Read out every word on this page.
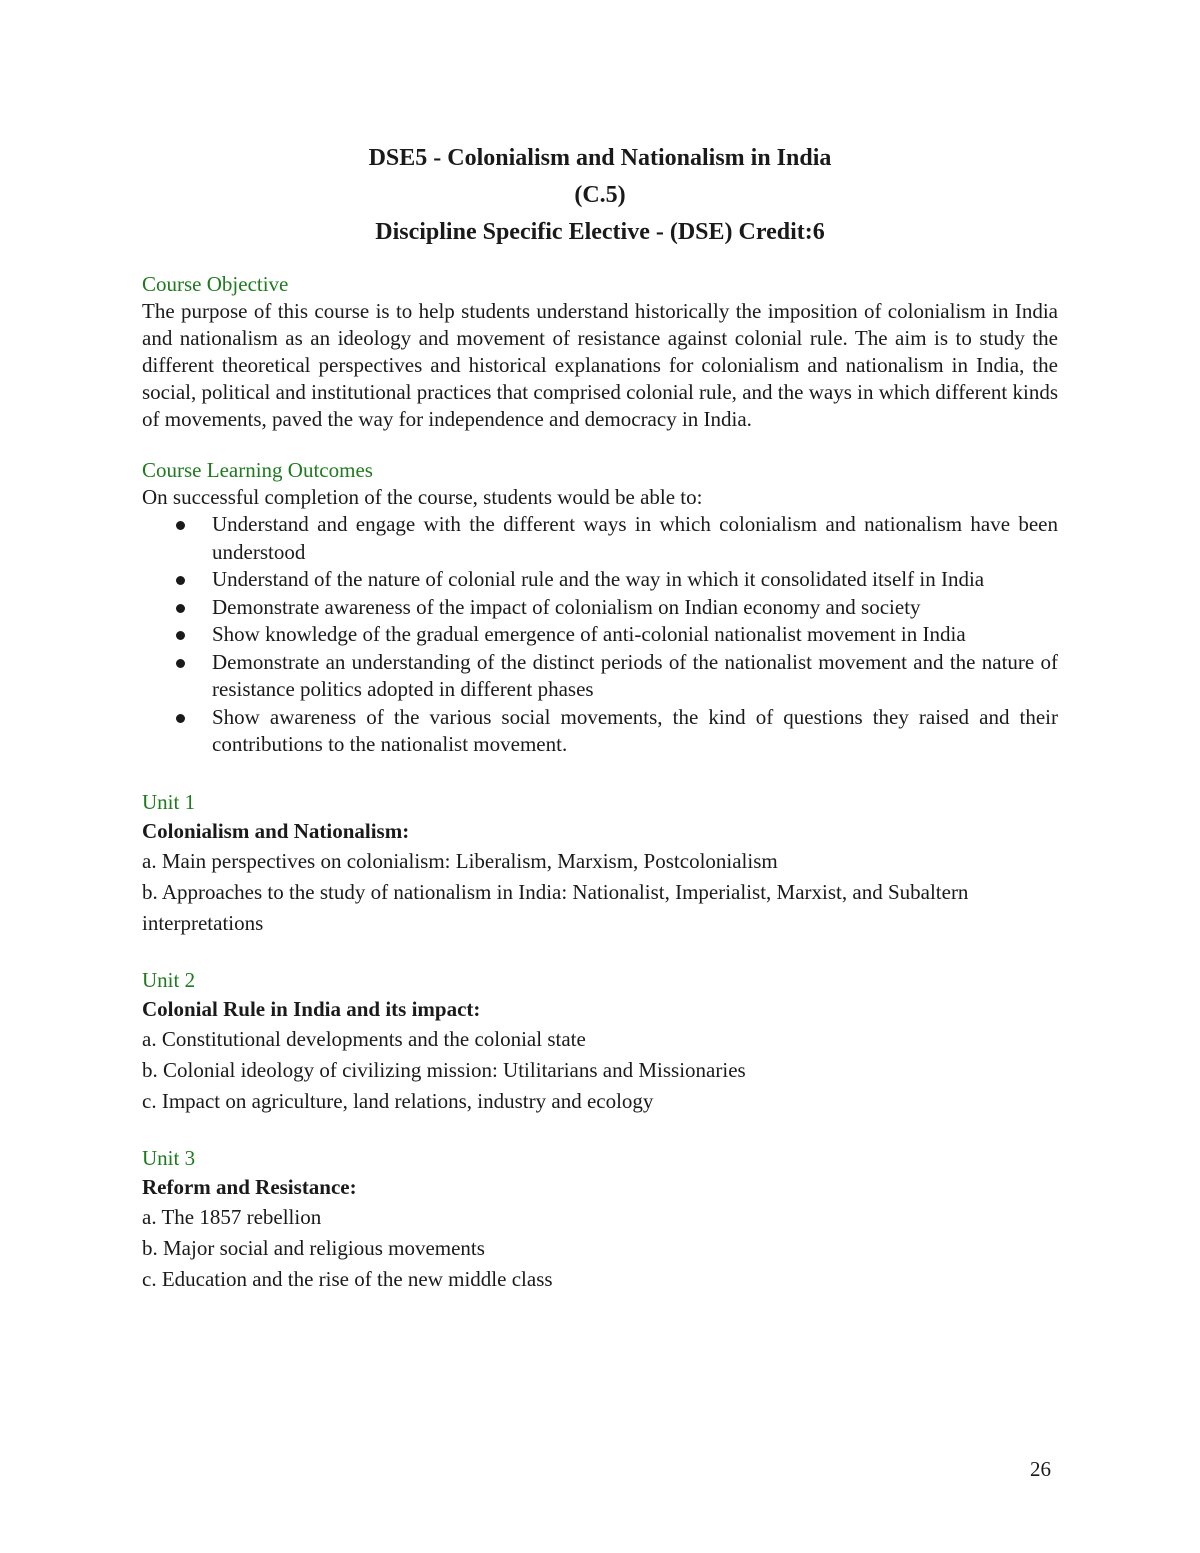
DSE5 - Colonialism and Nationalism in India
(C.5)
Discipline Specific Elective - (DSE) Credit:6

Course Objective

The purpose of this course is to help students understand historically the imposition of colonialism in India and nationalism as an ideology and movement of resistance against colonial rule. The aim is to study the different theoretical perspectives and historical explanations for colonialism and nationalism in India, the social, political and institutional practices that comprised colonial rule, and the ways in which different kinds of movements, paved the way for independence and democracy in India.

Course Learning Outcomes

On successful completion of the course, students would be able to:

Understand and engage with the different ways in which colonialism and nationalism have been understood
Understand of the nature of colonial rule and the way in which it consolidated itself in India
Demonstrate awareness of the impact of colonialism on Indian economy and society
Show knowledge of the gradual emergence of anti-colonial nationalist movement in India
Demonstrate an understanding of the distinct periods of the nationalist movement and the nature of resistance politics adopted in different phases
Show awareness of the various social movements, the kind of questions they raised and their contributions to the nationalist movement.

Unit 1

Colonialism and Nationalism:

a. Main perspectives on colonialism: Liberalism, Marxism, Postcolonialism

b. Approaches to the study of nationalism in India: Nationalist, Imperialist, Marxist, and Subaltern interpretations

Unit 2

Colonial Rule in India and its impact:

a. Constitutional developments and the colonial state

b. Colonial ideology of civilizing mission: Utilitarians and Missionaries

c. Impact on agriculture, land relations, industry and ecology

Unit 3

Reform and Resistance:

a. The 1857 rebellion

b. Major social and religious movements

c. Education and the rise of the new middle class

26
